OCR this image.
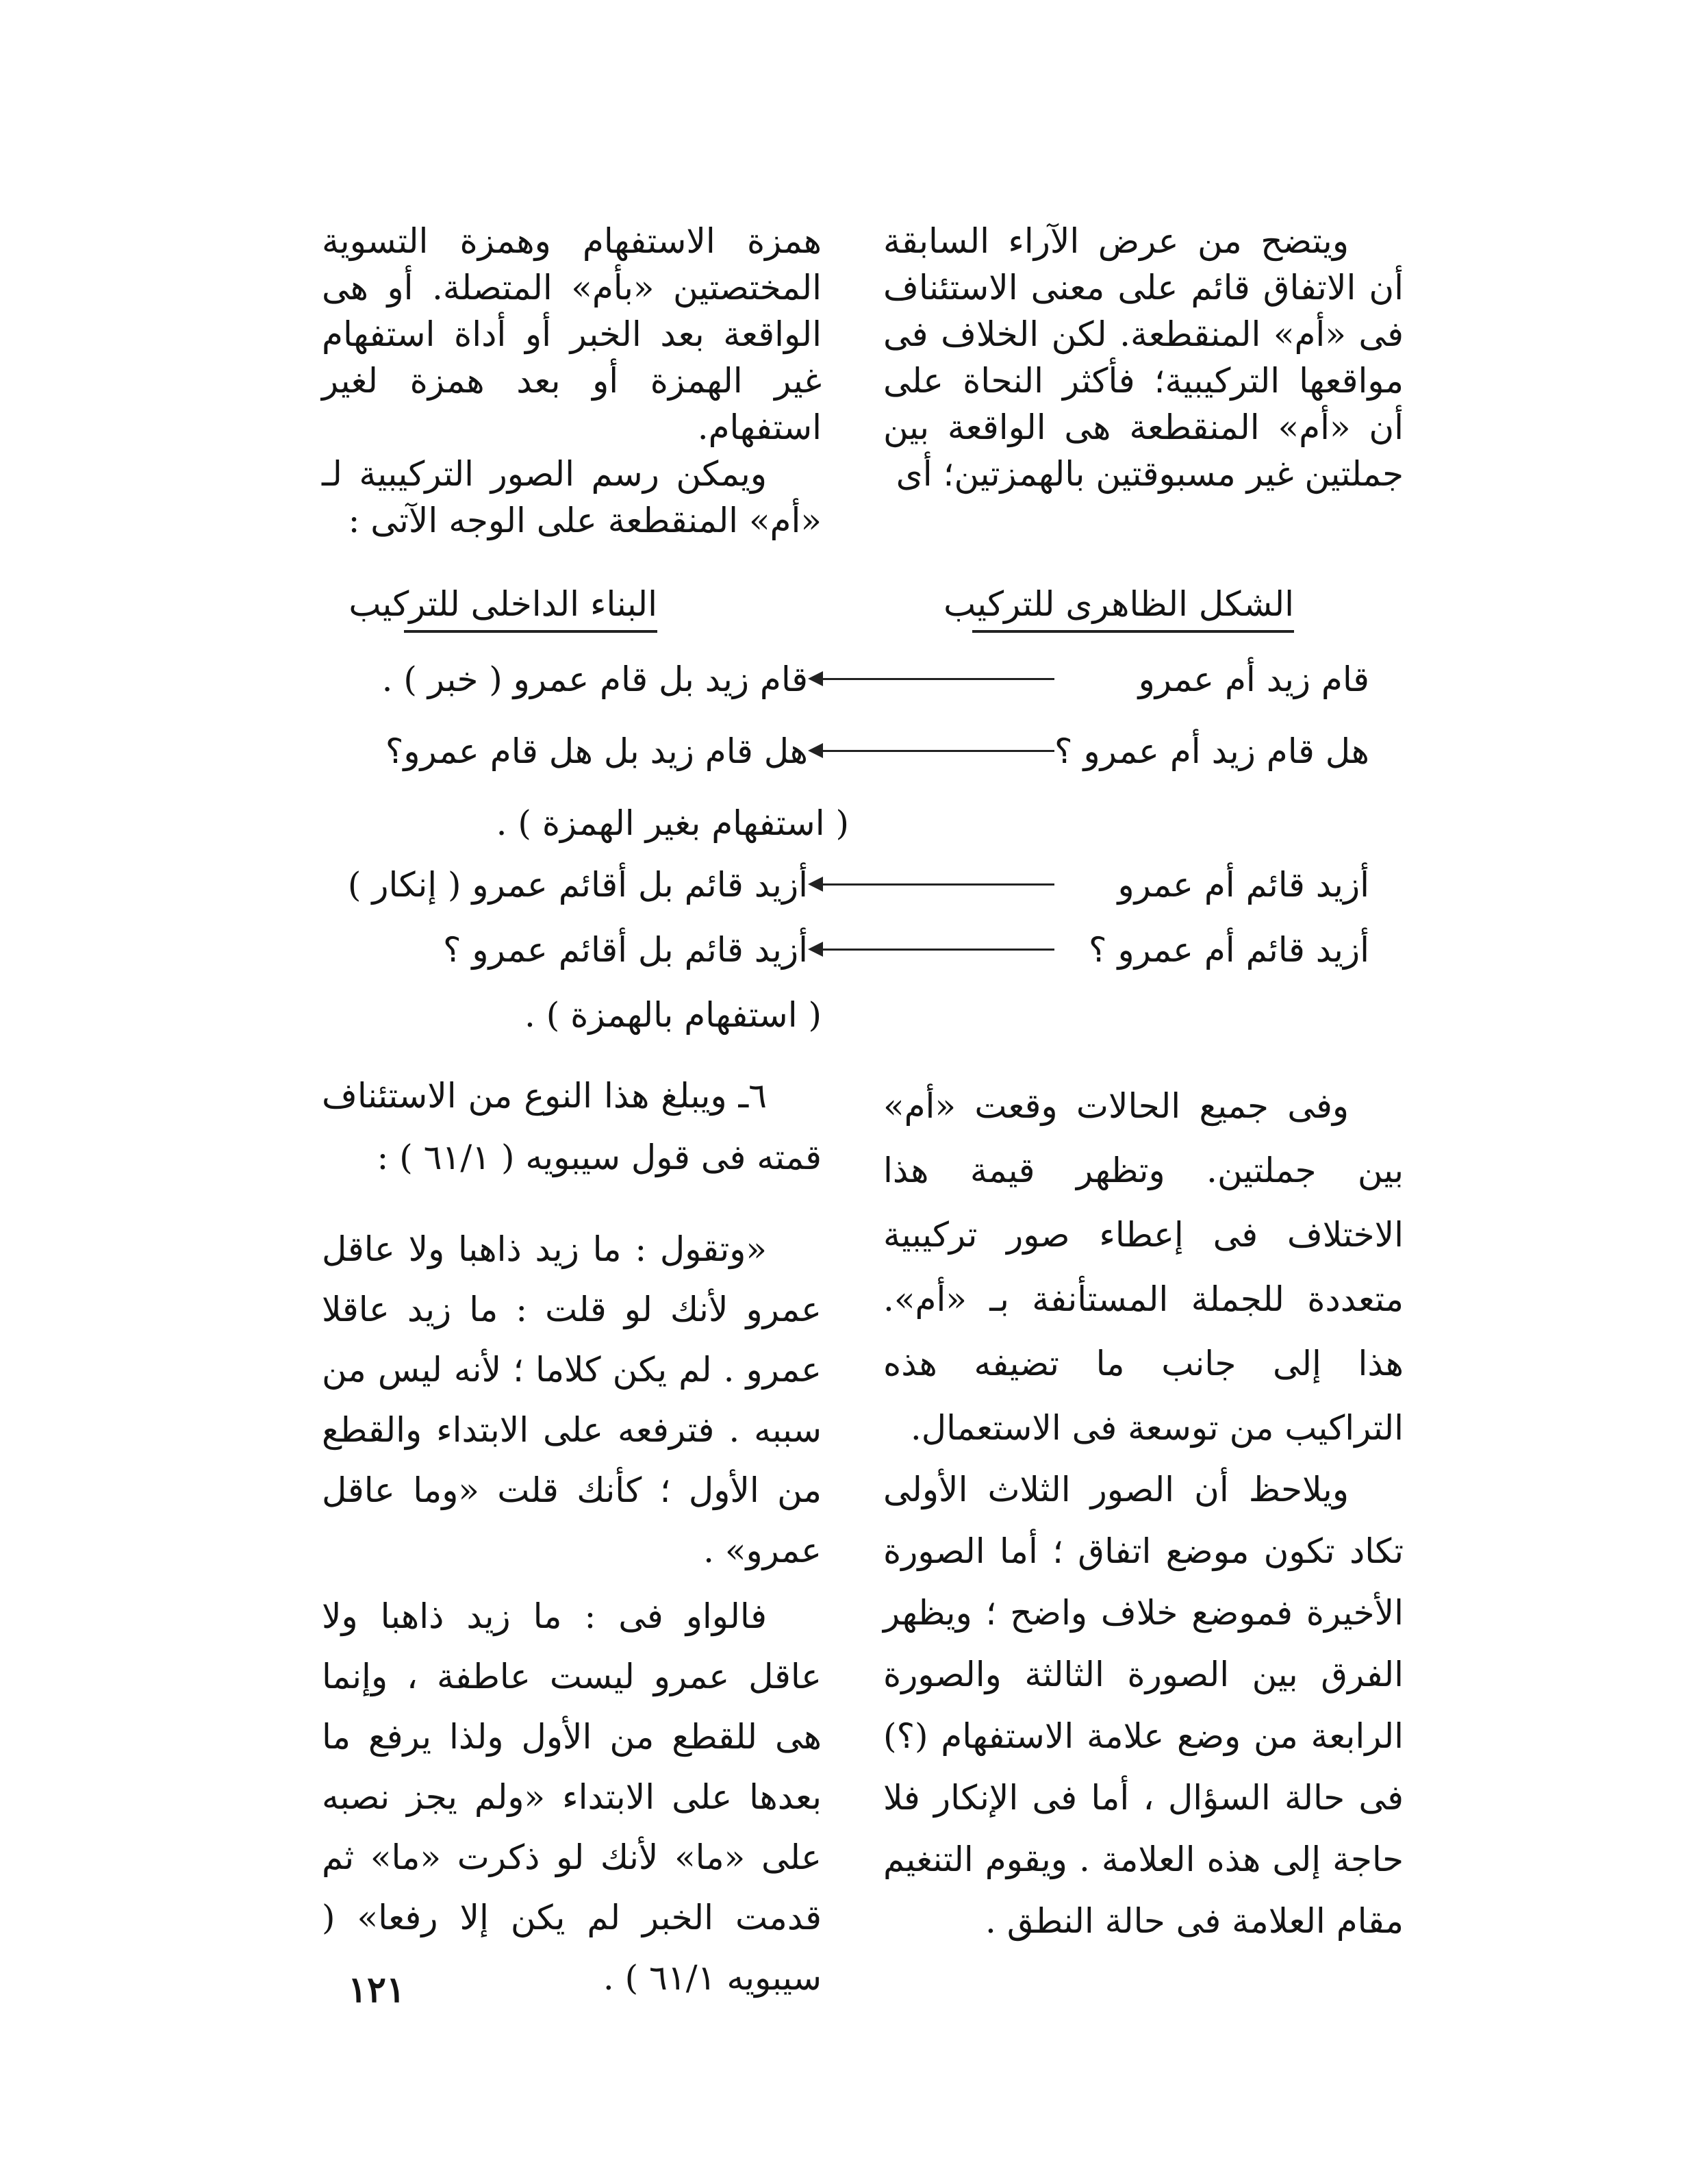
ويتضح من عرض الآراء السابقة أن الاتفاق قائم على معنى الاستئناف فى «أم» المنقطعة. لكن الخلاف فى مواقعها التركيبية؛ فأكثر النحاة على أن «أم» المنقطعة هى الواقعة بين جملتين غير مسبوقتين بالهمزتين؛ أى

همزة الاستفهام وهمزة التسوية المختصتين «بأم» المتصلة. أو هى الواقعة بعد الخبر أو أداة استفهام غير الهمزة أو بعد همزة لغير استفهام.

ويمكن رسم الصور التركيبية لـ «أم» المنقطعة على الوجه الآتى :

الشكل الظاهرى للتركيب
البناء الداخلى للتركيب
قام زيد أم عمرو
قام زيد بل قام عمرو ( خبر ) .
هل قام زيد أم عمرو ؟
هل قام زيد بل هل قام عمرو؟
( استفهام بغير الهمزة ) .
أزيد قائم أم عمرو
أزيد قائم بل أقائم عمرو ( إنكار )
أزيد قائم أم عمرو ؟
أزيد قائم بل أقائم عمرو ؟
( استفهام بالهمزة ) .

وفى جميع الحالات وقعت «أم» بين جملتين. وتظهر قيمة هذا الاختلاف فى إعطاء صور تركيبية متعددة للجملة المستأنفة بـ «أم». هذا إلى جانب ما تضيفه هذه التراكيب من توسعة فى الاستعمال.

٦ـ ويبلغ هذا النوع من الاستئناف قمته فى قول سيبويه ( ٦١/١ ) :

«وتقول : ما زيد ذاهبا ولا عاقل عمرو لأنك لو قلت : ما زيد عاقلا عمرو . لم يكن كلاما ؛ لأنه ليس من سببه . فترفعه على الابتداء والقطع من الأول ؛ كأنك قلت «وما عاقل عمرو» .

فالواو فى : ما زيد ذاهبا ولا عاقل عمرو ليست عاطفة ، وإنما هى للقطع من الأول ولذا يرفع ما بعدها على الابتداء «ولم يجز نصبه على «ما» لأنك لو ذكرت «ما» ثم قدمت الخبر لم يكن إلا رفعا» ( سيبويه ٦١/١ ) .

ويلاحظ أن الصور الثلاث الأولى تكاد تكون موضع اتفاق ؛ أما الصورة الأخيرة فموضع خلاف واضح ؛ ويظهر الفرق بين الصورة الثالثة والصورة الرابعة من وضع علامة الاستفهام (؟) فى حالة السؤال ، أما فى الإنكار فلا حاجة إلى هذه العلامة . ويقوم التنغيم مقام العلامة فى حالة النطق .

١٢١
